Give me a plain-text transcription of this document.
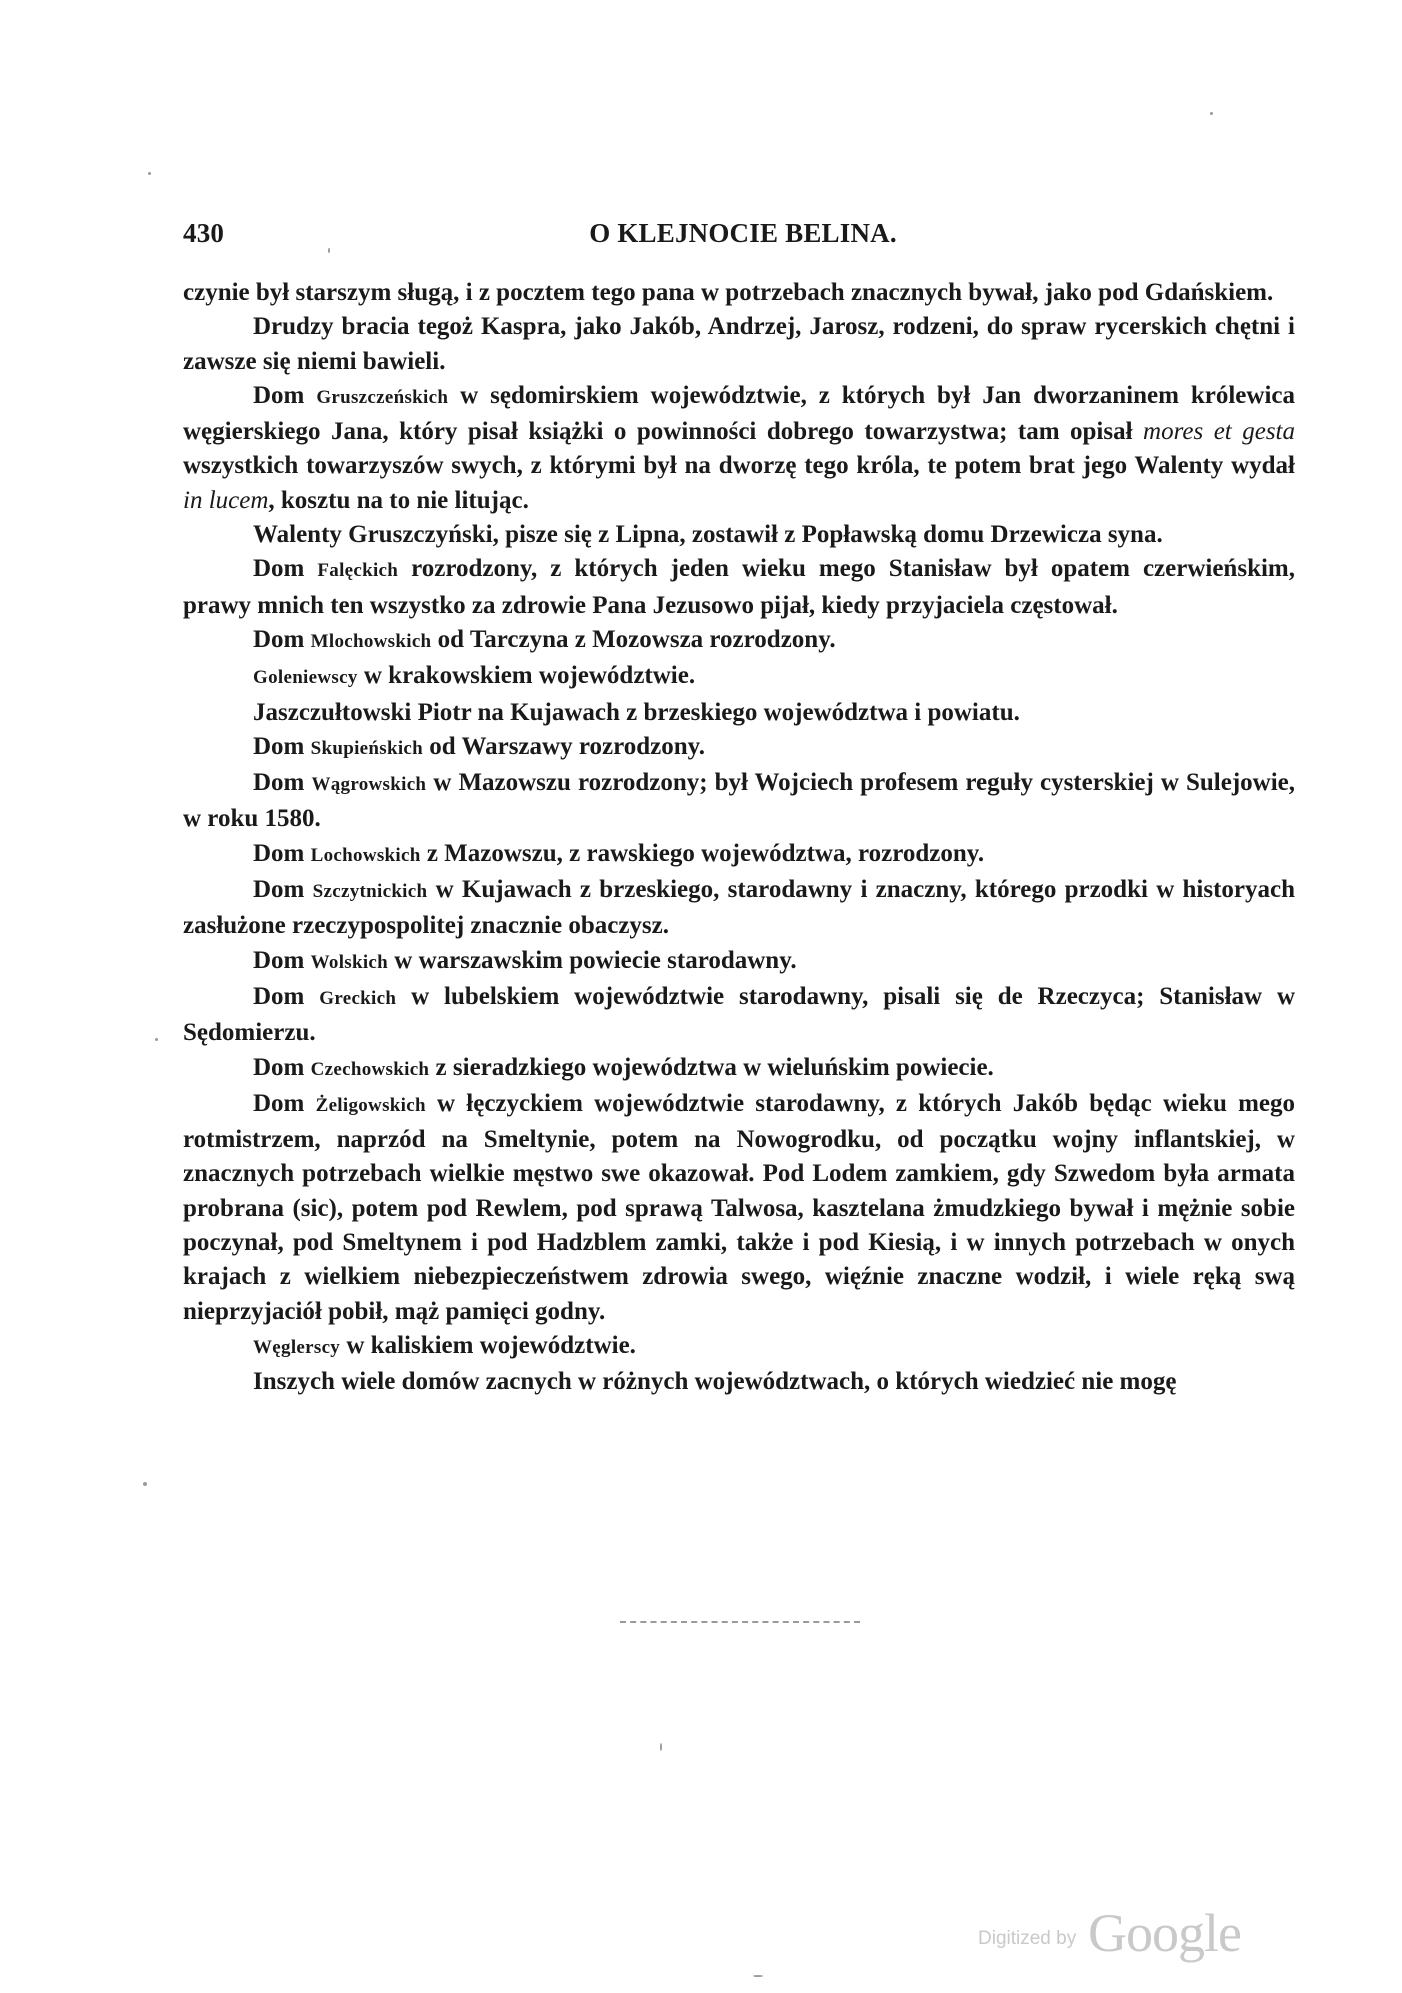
430	O KLEJNOCIE BELINA.

czynie był starszym sługą, i z pocztem tego pana w potrzebach znacznych bywał, jako pod Gdańskiem.

Drudzy bracia tegoż Kaspra, jako Jakób, Andrzej, Jarosz, rodzeni, do spraw rycerskich chętni i zawsze się niemi bawieli.

Dom Gruszczeńskich w sędomirskiem województwie, z których był Jan dworzaninem królewica węgierskiego Jana, który pisał książki o powinności dobrego towarzystwa; tam opisał mores et gesta wszystkich towarzyszów swych, z którymi był na dworzę tego króla, te potem brat jego Walenty wydał in lucem, kosztu na to nie litując.

Walenty Gruszczyński, pisze się z Lipna, zostawił z Popławską domu Drzewicza syna.

Dom Falęckich rozrodzony, z których jeden wieku mego Stanisław był opatem czerwieńskim, prawy mnich ten wszystko za zdrowie Pana Jezusowo pijał, kiedy przyjaciela częstował.

Dom Mlochowskich od Tarczyna z Mozowsza rozrodzony.

Goleniewscy w krakowskiem województwie.

Jaszczułtowski Piotr na Kujawach z brzeskiego województwa i powiatu.

Dom Skupieńskich od Warszawy rozrodzony.

Dom Wągrowskich w Mazowszu rozrodzony; był Wojciech profesem reguły cysterskiej w Sulejowie, w roku 1580.

Dom Lochowskich z Mazowszu, z rawskiego województwa, rozrodzony.

Dom Szczytnickich w Kujawach z brzeskiego, starodawny i znaczny, którego przodki w historyach zasłużone rzeczypospolitej znacznie obaczysz.

Dom Wolskich w warszawskim powiecie starodawny.

Dom Greckich w lubelskiem województwie starodawny, pisali się de Rzeczyca; Stanisław w Sędomierzu.

Dom Czechowskich z sieradzkiego województwa w wieluńskim powiecie.

Dom Żeligowskich w łęczyckiem województwie starodawny, z których Jakób będąc wieku mego rotmistrzem, naprzód na Smeltynie, potem na Nowogrodku, od początku wojny inflantskiej, w znacznych potrzebach wielkie męstwo swe okazował. Pod Lodem zamkiem, gdy Szwedom była armata probrana (sic), potem pod Rewlem, pod sprawą Talwosa, kasztelana żmudzkiego bywał i mężnie sobie poczynał, pod Smeltynem i pod Hadzblem zamki, także i pod Kiesią, i w innych potrzebach w onych krajach z wielkiem niebezpieczeństwem zdrowia swego, więźnie znaczne wodził, i wiele ręką swą nieprzyjaciół pobił, mąż pamięci godny.

Węglerscy w kaliskiem województwie.

Inszych wiele domów zacnych w różnych województwach, o których wiedzieć nie mogę

Digitized by Google
